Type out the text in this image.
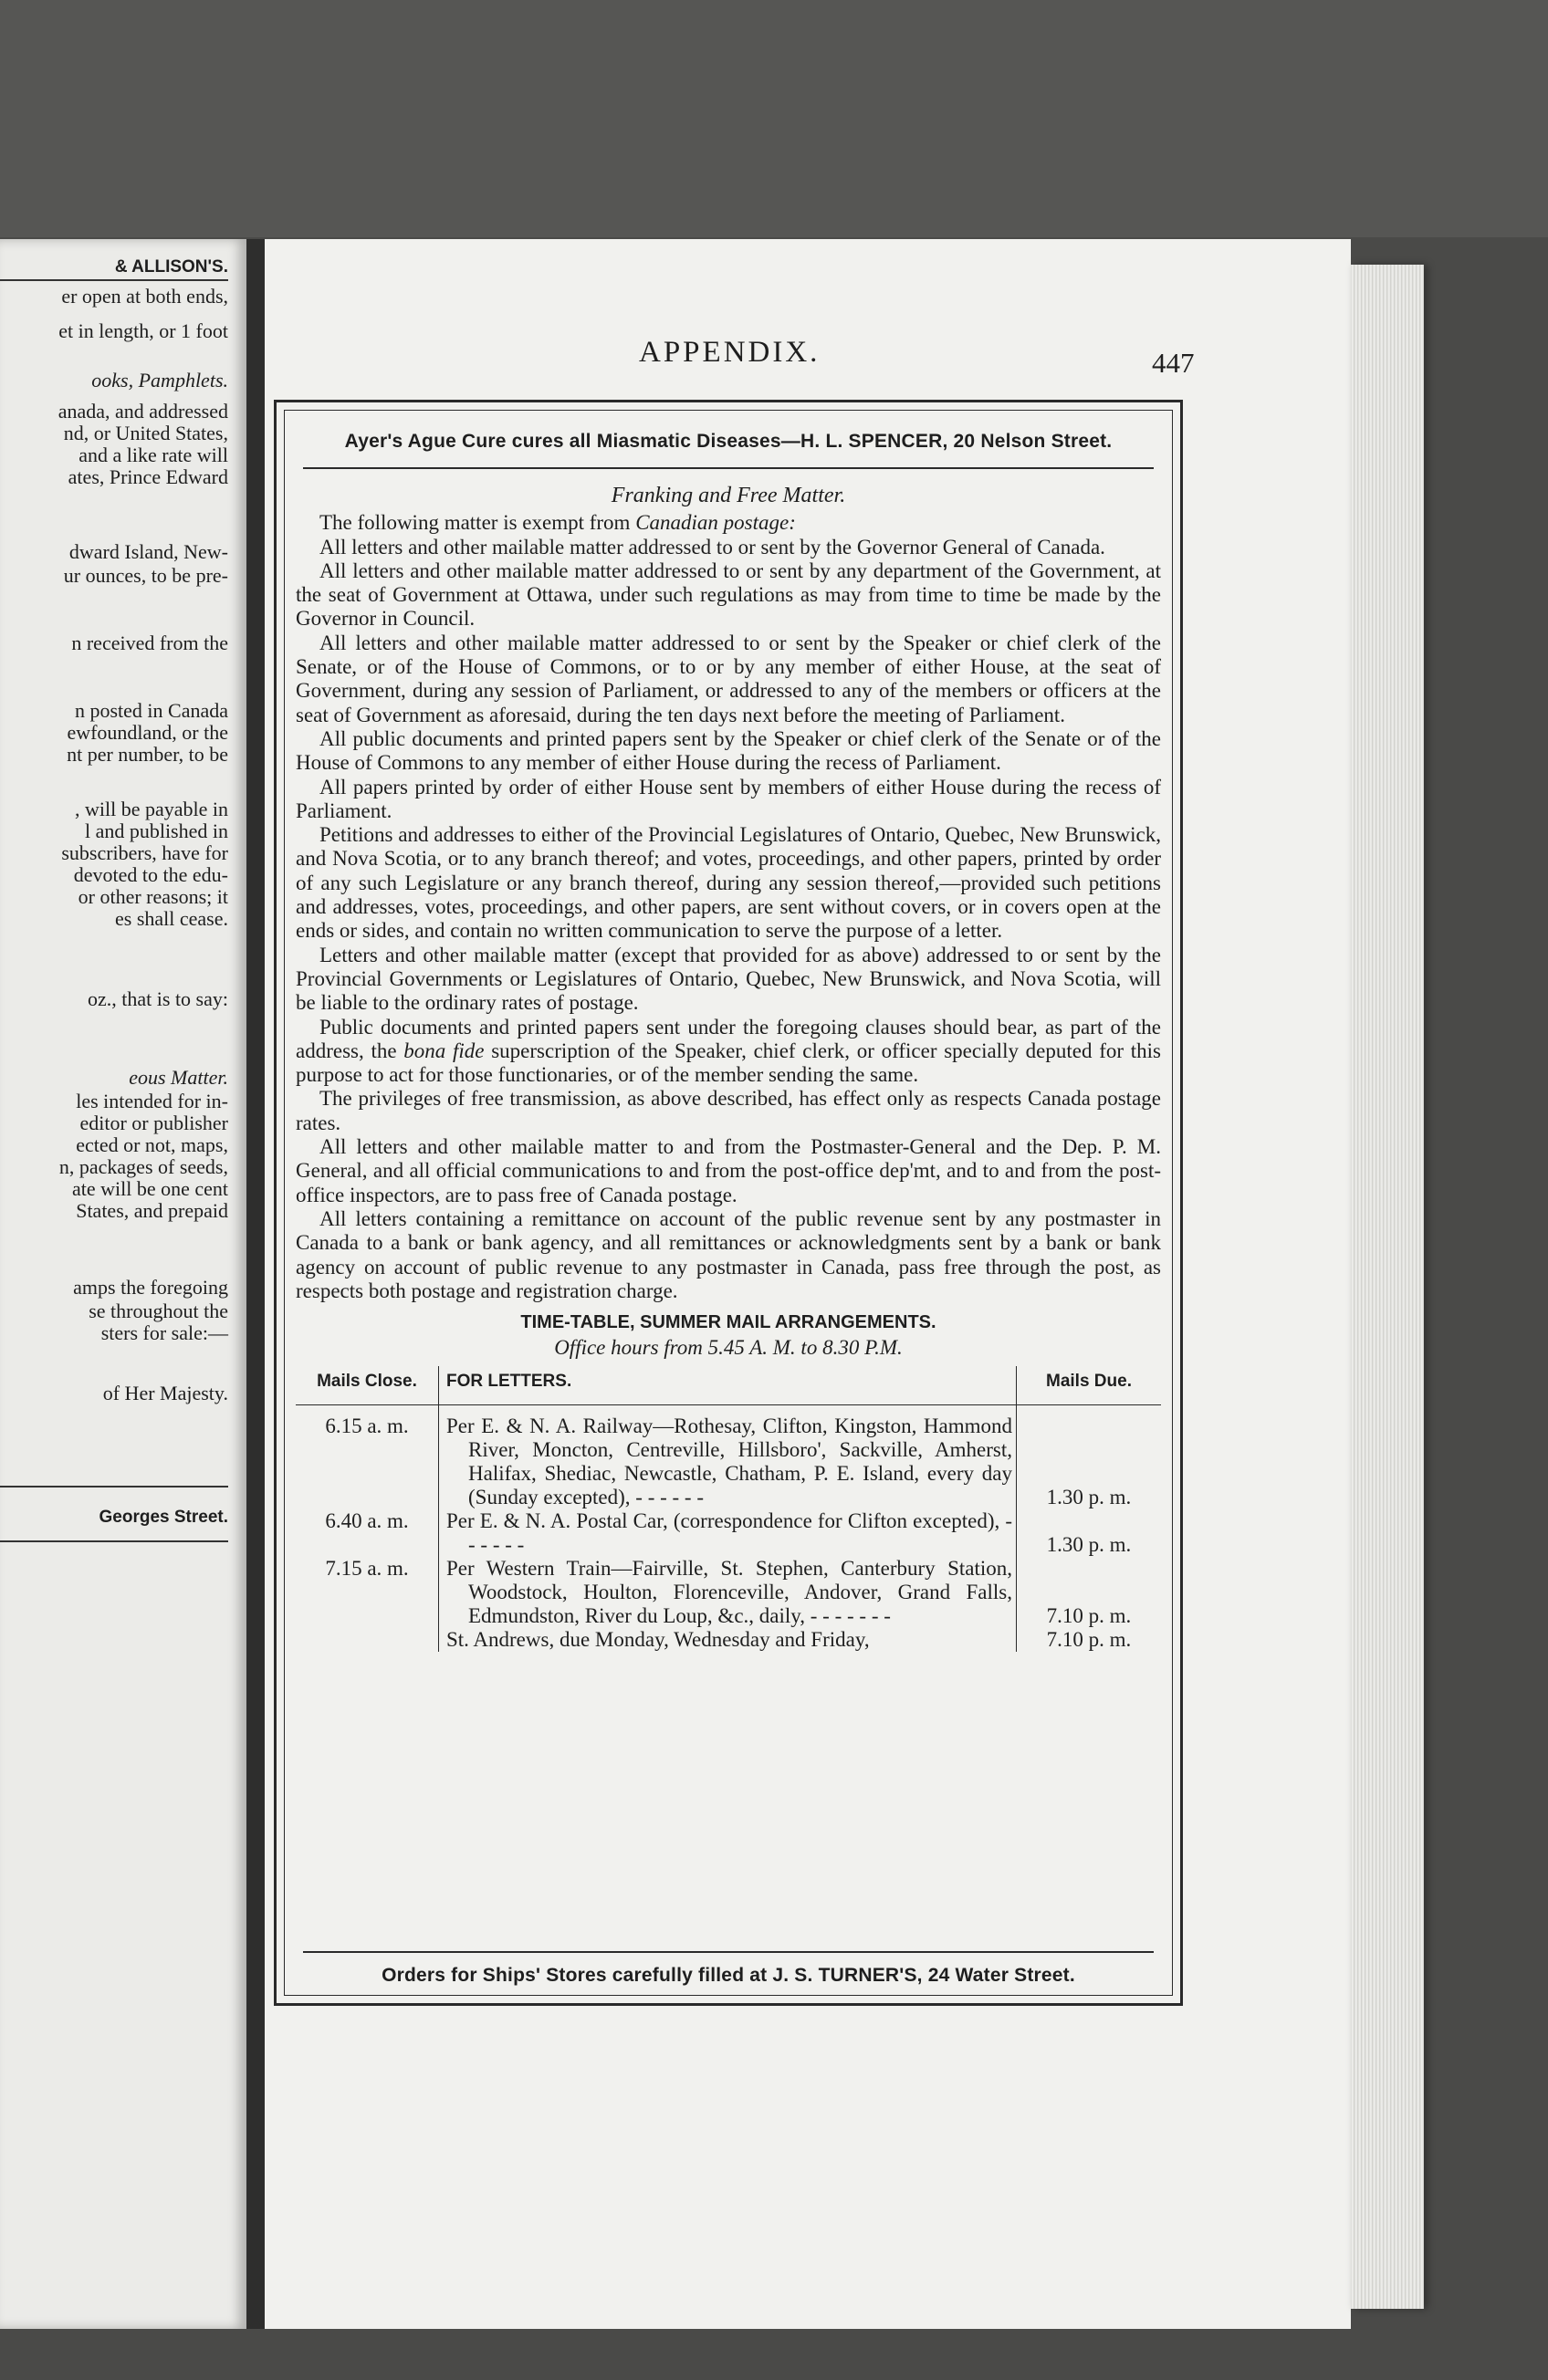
& ALLISON'S.
er open at both ends,
et in length, or 1 foot
ooks, Pamphlets.
anada, and addressed
nd, or United States,
and a like rate will
ates, Prince Edward
dward Island, New-
ur ounces, to be pre-
n received from the
n posted in Canada
ewfoundland, or the
nt per number, to be
, will be payable in
l and published in
subscribers, have for
devoted to the edu-
or other reasons; it
es shall cease.
oz., that is to say:
eous Matter.
les intended for in-
editor or publisher
ected or not, maps,
n, packages of seeds,
ate will be one cent
States, and prepaid
amps the foregoing
se throughout the
sters for sale:—
of Her Majesty.
Georges Street.
APPENDIX.	447
Ayer's Ague Cure cures all Miasmatic Diseases—H. L. SPENCER, 20 Nelson Street.
Franking and Free Matter.

The following matter is exempt from Canadian postage:

All letters and other mailable matter addressed to or sent by the Governor General of Canada.

All letters and other mailable matter addressed to or sent by any department of the Government, at the seat of Government at Ottawa, under such regulations as may from time to time be made by the Governor in Council.

All letters and other mailable matter addressed to or sent by the Speaker or chief clerk of the Senate, or of the House of Commons, or to or by any member of either House, at the seat of Government, during any session of Parliament, or addressed to any of the members or officers at the seat of Government as aforesaid, during the ten days next before the meeting of Parliament.

All public documents and printed papers sent by the Speaker or chief clerk of the Senate or of the House of Commons to any member of either House during the recess of Parliament.

All papers printed by order of either House sent by members of either House during the recess of Parliament.

Petitions and addresses to either of the Provincial Legislatures of Ontario, Quebec, New Brunswick, and Nova Scotia, or to any branch thereof; and votes, proceedings, and other papers, printed by order of any such Legislature or any branch thereof, during any session thereof,—provided such petitions and addresses, votes, proceedings, and other papers, are sent without covers, or in covers open at the ends or sides, and contain no written communication to serve the purpose of a letter.

Letters and other mailable matter (except that provided for as above) addressed to or sent by the Provincial Governments or Legislatures of Ontario, Quebec, New Brunswick, and Nova Scotia, will be liable to the ordinary rates of postage.

Public documents and printed papers sent under the foregoing clauses should bear, as part of the address, the bona fide superscription of the Speaker, chief clerk, or officer specially deputed for this purpose to act for those functionaries, or of the member sending the same.

The privileges of free transmission, as above described, has effect only as respects Canada postage rates.

All letters and other mailable matter to and from the Postmaster-General and the Dep. P. M. General, and all official communications to and from the post-office dep'mt, and to and from the post-office inspectors, are to pass free of Canada postage.

All letters containing a remittance on account of the public revenue sent by any postmaster in Canada to a bank or bank agency, and all remittances or acknowledgments sent by a bank or bank agency on account of public revenue to any postmaster in Canada, pass free through the post, as respects both postage and registration charge.

TIME-TABLE, SUMMER MAIL ARRANGEMENTS.
Office hours from 5.45 A. M. to 8.30 P.M.
Mails Close.	FOR LETTERS.	Mails Due.

6.15 a. m.	Per E. & N. A. Railway—Rothesay, Clifton, Kingston, Hammond River, Moncton, Centreville, Hillsboro', Sackville, Amherst, Halifax, Shediac, Newcastle, Chatham, P. E. Island, every day (Sunday excepted), - - - - - -	1.30 p. m.

6.40 a. m.	Per E. & N. A. Postal Car, (correspondence for Clifton excepted), - - - - - -	1.30 p. m.

7.15 a. m.	Per Western Train—Fairville, St. Stephen, Canterbury Station, Woodstock, Houlton, Florenceville, Andover, Grand Falls, Edmundston, River du Loup, &c., daily, - - - - - - -	7.10 p. m.

	St. Andrews, due Monday, Wednesday and Friday,	7.10 p. m.
Orders for Ships' Stores carefully filled at J. S. TURNER'S, 24 Water Street.
